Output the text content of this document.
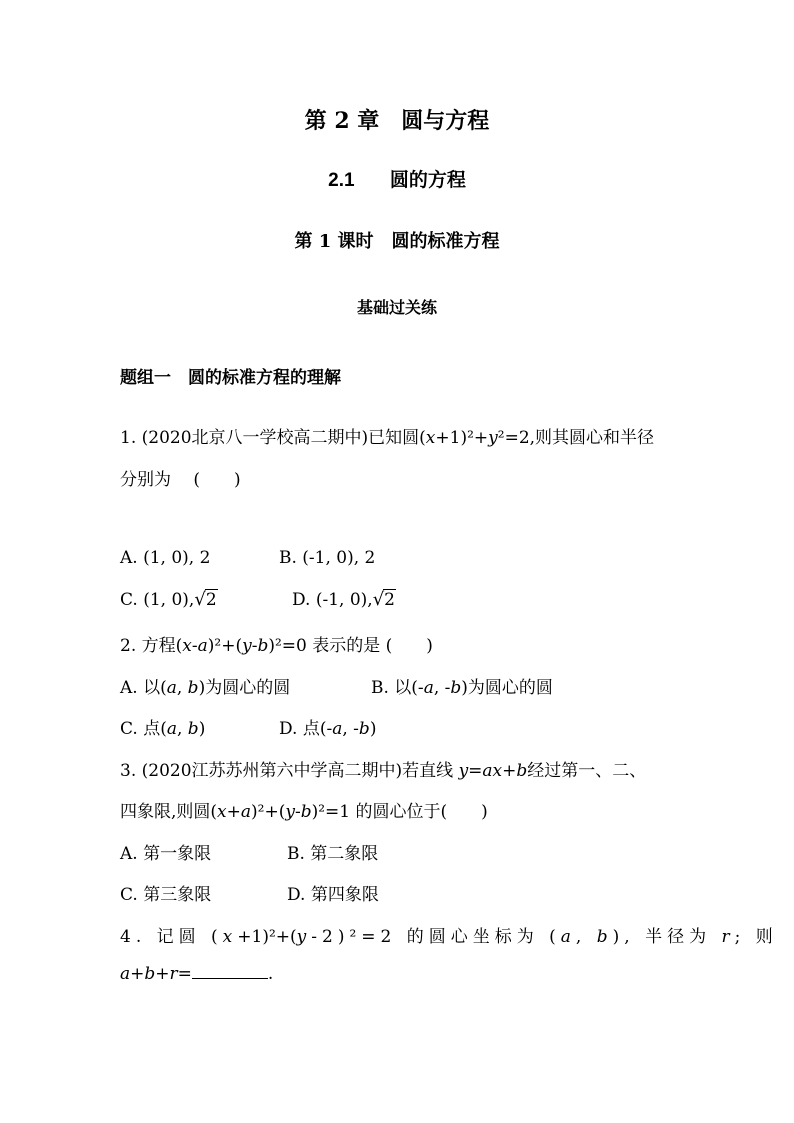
第 2 章　圆与方程
2.1 圆的方程
第 1 课时　圆的标准方程
基础过关练
题组一　圆的标准方程的理解
1. (2020北京八一学校高二期中)已知圆(x+1)²+y²=2,则其圆心和半径
分别为　 (　　)
A. (1, 0), 2	B. (-1, 0), 2
C. (1, 0),√2	D. (-1, 0),√2
2. 方程(x-a)²+(y-b)²=0 表示的是 (　　)
A. 以(a, b)为圆心的圆	B. 以(-a, -b)为圆心的圆
C. 点(a, b)	D. 点(-a, -b)
3. (2020江苏苏州第六中学高二期中)若直线 y=ax+b经过第一、二、
四象限,则圆(x+a)²+(y-b)²=1 的圆心位于(　　)
A. 第一象限	B. 第二象限
C. 第三象限	D. 第四象限
4. 记圆 (x+1)²+(y-2)²=2 的圆心坐标为 (a, b), 半径为 r; 则
a+b+r=	.
